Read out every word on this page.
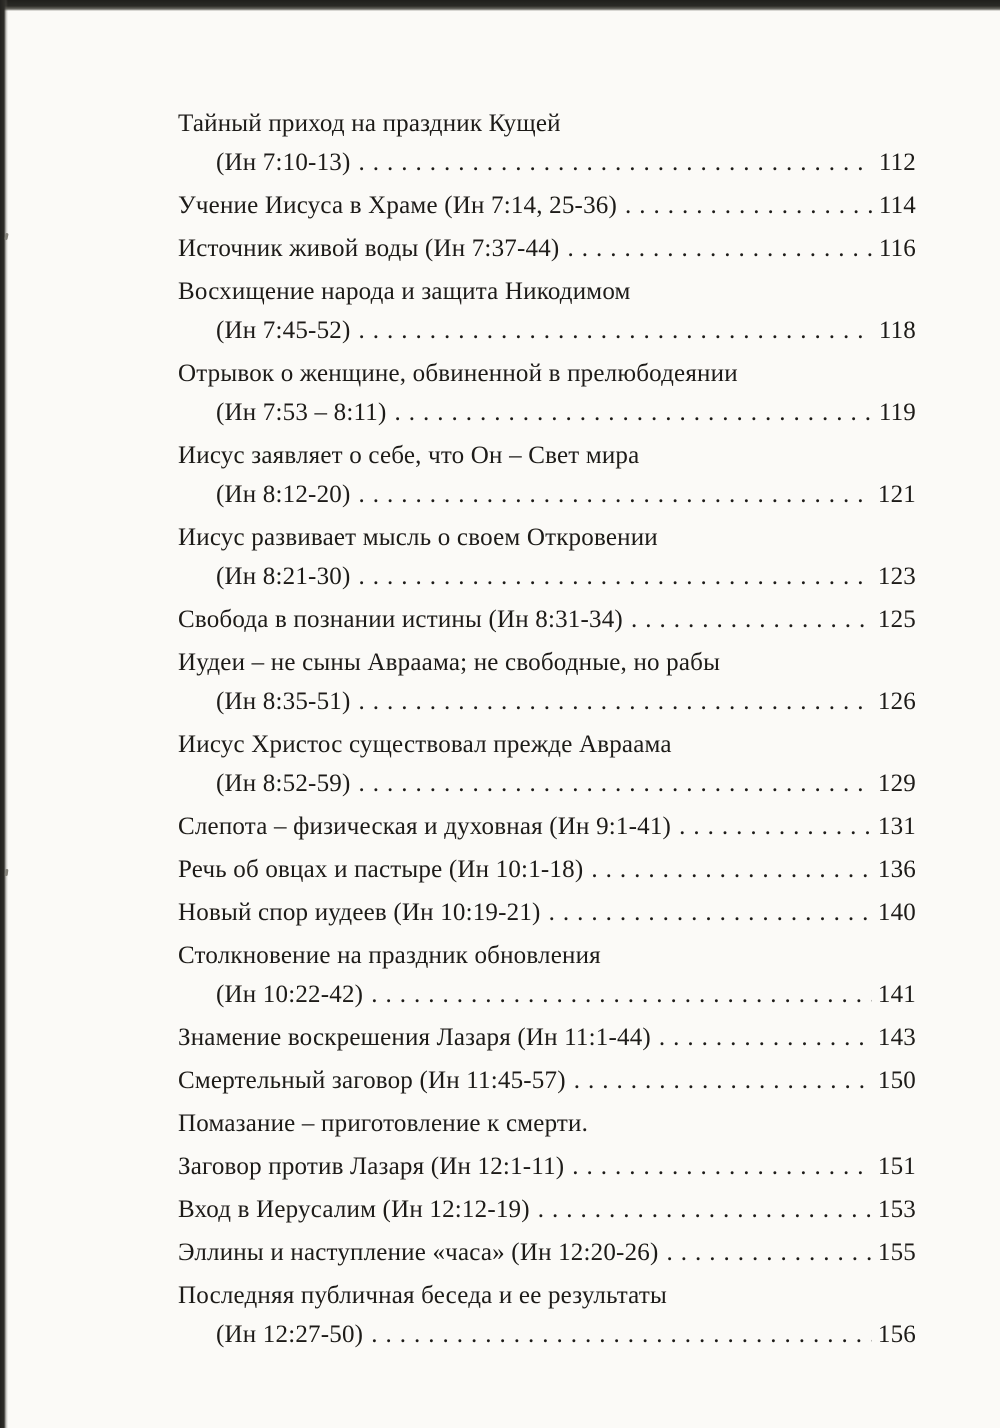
Тайный приход на праздник Кущей
(Ин 7:10-13) .....	112
Учение Иисуса в Храме (Ин 7:14, 25-36) .....	114
Источник живой воды (Ин 7:37-44) .....	116
Восхищение народа и защита Никодимом
(Ин 7:45-52) .....	118
Отрывок о женщине, обвиненной в прелюбодеянии
(Ин 7:53 – 8:11) .....	119
Иисус заявляет о себе, что Он – Свет мира
(Ин 8:12-20) .....	121
Иисус развивает мысль о своем Откровении
(Ин 8:21-30) .....	123
Свобода в познании истины (Ин 8:31-34) .....	125
Иудеи – не сыны Авраама; не свободные, но рабы
(Ин 8:35-51) .....	126
Иисус Христос существовал прежде Авраама
(Ин 8:52-59) .....	129
Слепота – физическая и духовная (Ин 9:1-41) .....	131
Речь об овцах и пастыре (Ин 10:1-18) .....	136
Новый спор иудеев (Ин 10:19-21) .....	140
Столкновение на праздник обновления
(Ин 10:22-42) .....	141
Знамение воскрешения Лазаря (Ин 11:1-44) .....	143
Смертельный заговор (Ин 11:45-57) .....	150
Помазание – приготовление к смерти.
Заговор против Лазаря (Ин 12:1-11) .....	151
Вход в Иерусалим (Ин 12:12-19) .....	153
Эллины и наступление «часа» (Ин 12:20-26) .....	155
Последняя публичная беседа и ее результаты
(Ин 12:27-50) .....	156
